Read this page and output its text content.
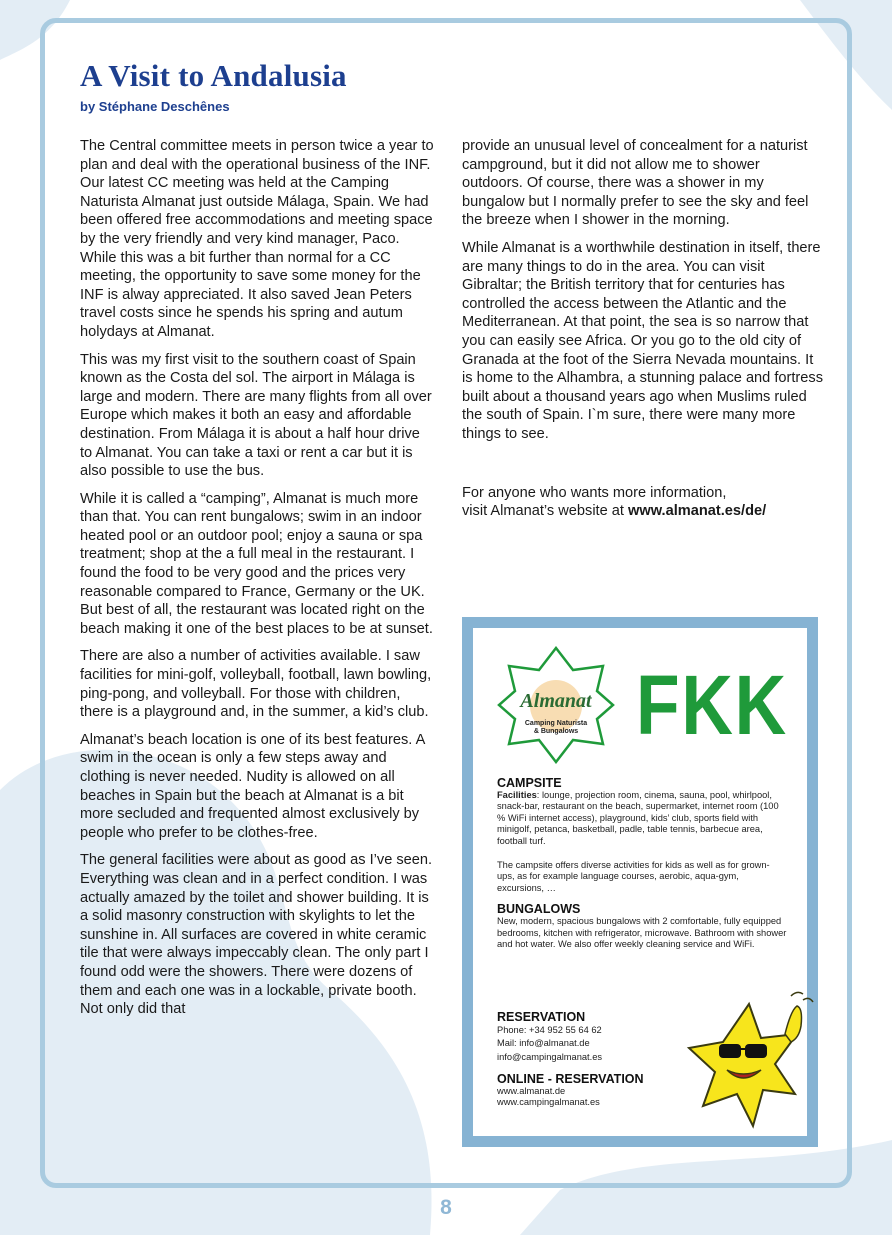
A Visit to Andalusia
by Stéphane Deschênes

The Central committee meets in person twice a year to plan and deal with the operational business of the INF. Our latest CC meeting was held at the Camping Naturista Almanat just outside Málaga, Spain. We had been offered free accommodations and meeting space by the very friendly and very kind manager, Paco. While this was a bit further than normal for a CC meeting, the opportunity to save some money for the INF is alway appreciated. It also saved Jean Peters travel costs since he spends his spring and autum holydays at Almanat.

This was my first visit to the southern coast of Spain known as the Costa del sol. The airport in Málaga is large and modern. There are many flights from all over Europe which makes it both an easy and affordable destination. From Málaga it is about a half hour drive to Almanat. You can take a taxi or rent a car but it is also possible to use the bus.

While it is called a “camping”, Almanat is much more than that. You can rent bungalows; swim in an indoor heated pool or an outdoor pool; enjoy a sauna or spa treatment; shop at the a full meal in the restaurant. I found the food to be very good and the prices very reasonable compared to France, Germany or the UK. But best of all, the restaurant was located right on the beach making it one of the best places to be at sunset.

There are also a number of activities available. I saw facilities for mini-golf, volleyball, football, lawn bowling, ping-pong, and volleyball. For those with children, there is a playground and, in the summer, a kid’s club.

Almanat’s beach location is one of its best features. A swim in the ocean is only a few steps away and clothing is never needed. Nudity is allowed on all beaches in Spain but the beach at Almanat is a bit more secluded and frequented almost exclusively by people who prefer to be clothes-free.

The general facilities were about as good as I’ve seen. Everything was clean and in a perfect condition. I was actually amazed by the toilet and shower building. It is a solid masonry construction with skylights to let the sunshine in. All surfaces are covered in white ceramic tile that were always impeccably clean. The only part I found odd were the showers. There were dozens of them and each one was in a lockable, private booth. Not only did that

provide an unusual level of concealment for a naturist campground, but it did not allow me to shower outdoors. Of course, there was a shower in my bungalow but I normally prefer to see the sky and feel the breeze when I shower in the morning.

While Almanat is a worthwhile destination in itself, there are many things to do in the area. You can visit Gibraltar; the British territory that for centuries has controlled the access between the Atlantic and the Mediterranean. At that point, the sea is so narrow that you can easily see Africa. Or you go to the old city of Granada at the foot of the Sierra Nevada mountains. It is home to the Alhambra, a stunning palace and fortress built about a thousand years ago when Muslims ruled the south of Spain. I`m sure, there were many more things to see.

For anyone who wants more information,
visit Almanat’s website at www.almanat.es/de/

Almanat
Camping Naturista
& Bungalows FKK

CAMPSITE

Facilities: lounge, projection room, cinema, sauna, pool, whirlpool, snack-bar, restaurant on the beach, supermarket, internet room (100 % WiFi internet access), playground, kids’ club, sports field with minigolf, petanca, basketball, padle, table tennis, barbecue area, football turf.
The campsite offers diverse activities for kids as well as for grown-ups, as for example language courses, aerobic, aqua-gym, excursions, …

BUNGALOWS

New, modern, spacious bungalows with 2 comfortable, fully equipped bedrooms, kitchen with refrigerator, microwave. Bathroom with shower and hot water. We also offer weekly cleaning service and WiFi.

RESERVATION

Phone: +34 952 55 64 62
Mail: info@almanat.de
info@campingalmanat.es

ONLINE - RESERVATION

www.almanat.de
www.campingalmanat.es
8
